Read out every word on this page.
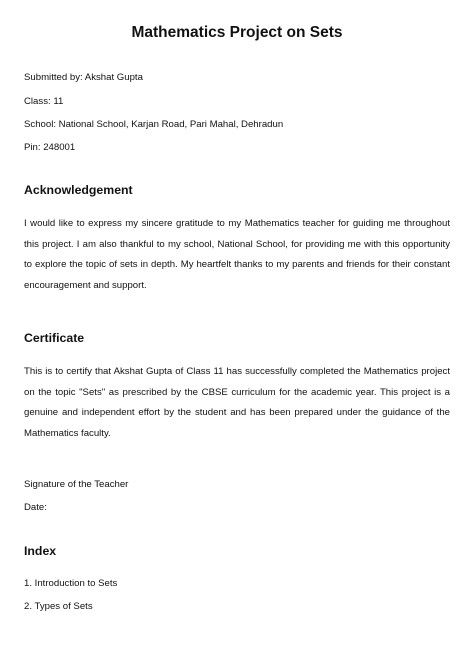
Mathematics Project on Sets

Submitted by: Akshat Gupta

Class: 11

School: National School, Karjan Road, Pari Mahal, Dehradun

Pin: 248001

Acknowledgement

I would like to express my sincere gratitude to my Mathematics teacher for guiding me throughout this project. I am also thankful to my school, National School, for providing me with this opportunity to explore the topic of sets in depth. My heartfelt thanks to my parents and friends for their constant encouragement and support.

Certificate

This is to certify that Akshat Gupta of Class 11 has successfully completed the Mathematics project on the topic "Sets" as prescribed by the CBSE curriculum for the academic year. This project is a genuine and independent effort by the student and has been prepared under the guidance of the Mathematics faculty.

Signature of the Teacher

Date:

Index

1. Introduction to Sets

2. Types of Sets
